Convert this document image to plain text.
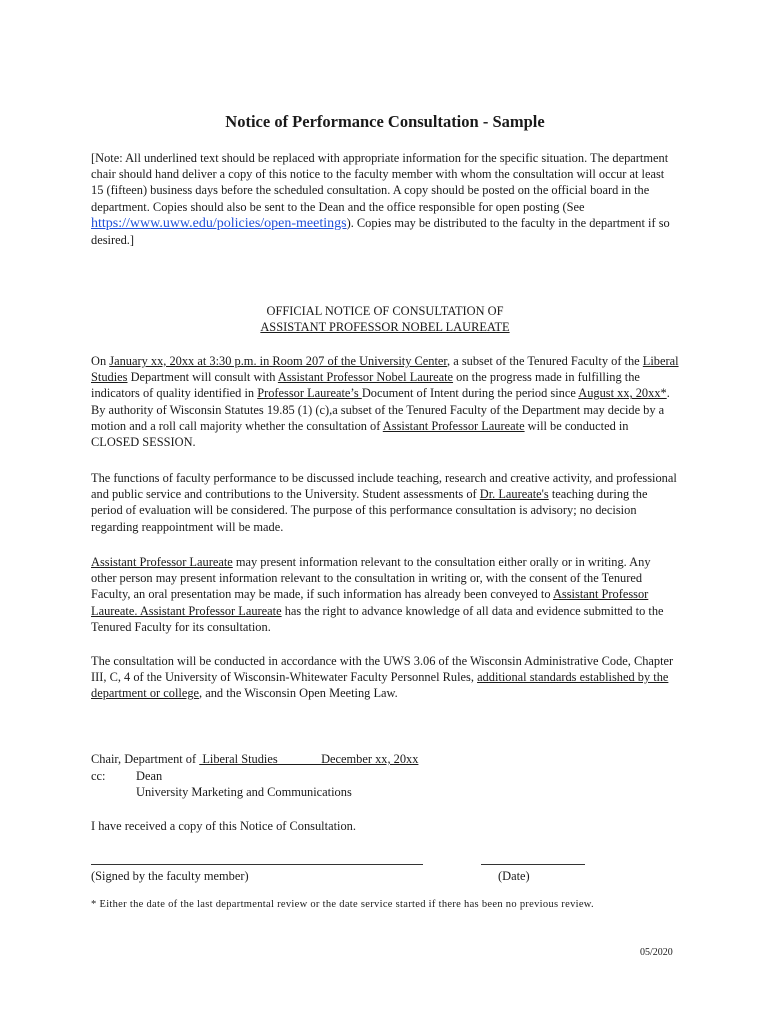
Notice of Performance Consultation - Sample

[Note: All underlined text should be replaced with appropriate information for the specific situation. The department chair should hand deliver a copy of this notice to the faculty member with whom the consultation will occur at least 15 (fifteen) business days before the scheduled consultation. A copy should be posted on the official board in the department. Copies should also be sent to the Dean and the office responsible for open posting (See https://www.uww.edu/policies/open-meetings). Copies may be distributed to the faculty in the department if so desired.]

OFFICIAL NOTICE OF CONSULTATION OF
ASSISTANT PROFESSOR NOBEL LAUREATE

On January xx, 20xx at 3:30 p.m. in Room 207 of the University Center, a subset of the Tenured Faculty of the Liberal Studies Department will consult with Assistant Professor Nobel Laureate on the progress made in fulfilling the indicators of quality identified in Professor Laureate’s Document of Intent during the period since August xx, 20xx*. By authority of Wisconsin Statutes 19.85 (1) (c),a subset of the Tenured Faculty of the Department may decide by a motion and a roll call majority whether the consultation of Assistant Professor Laureate will be conducted in CLOSED SESSION.

The functions of faculty performance to be discussed include teaching, research and creative activity, and professional and public service and contributions to the University. Student assessments of Dr. Laureate's teaching during the period of evaluation will be considered. The purpose of this performance consultation is advisory; no decision regarding reappointment will be made.

Assistant Professor Laureate may present information relevant to the consultation either orally or in writing. Any other person may present information relevant to the consultation in writing or, with the consent of the Tenured Faculty, an oral presentation may be made, if such information has already been conveyed to Assistant Professor Laureate. Assistant Professor Laureate has the right to advance knowledge of all data and evidence submitted to the Tenured Faculty for its consultation.

The consultation will be conducted in accordance with the UWS 3.06 of the Wisconsin Administrative Code, Chapter III, C, 4 of the University of Wisconsin-Whitewater Faculty Personnel Rules, additional standards established by the department or college, and the Wisconsin Open Meeting Law.

Chair, Department of  Liberal Studies              December xx, 20xx
cc: Dean
University Marketing and Communications
I have received a copy of this Notice of Consultation.
(Signed by the faculty member)	(Date)
* Either the date of the last departmental review or the date service started if there has been no previous review.
05/2020
